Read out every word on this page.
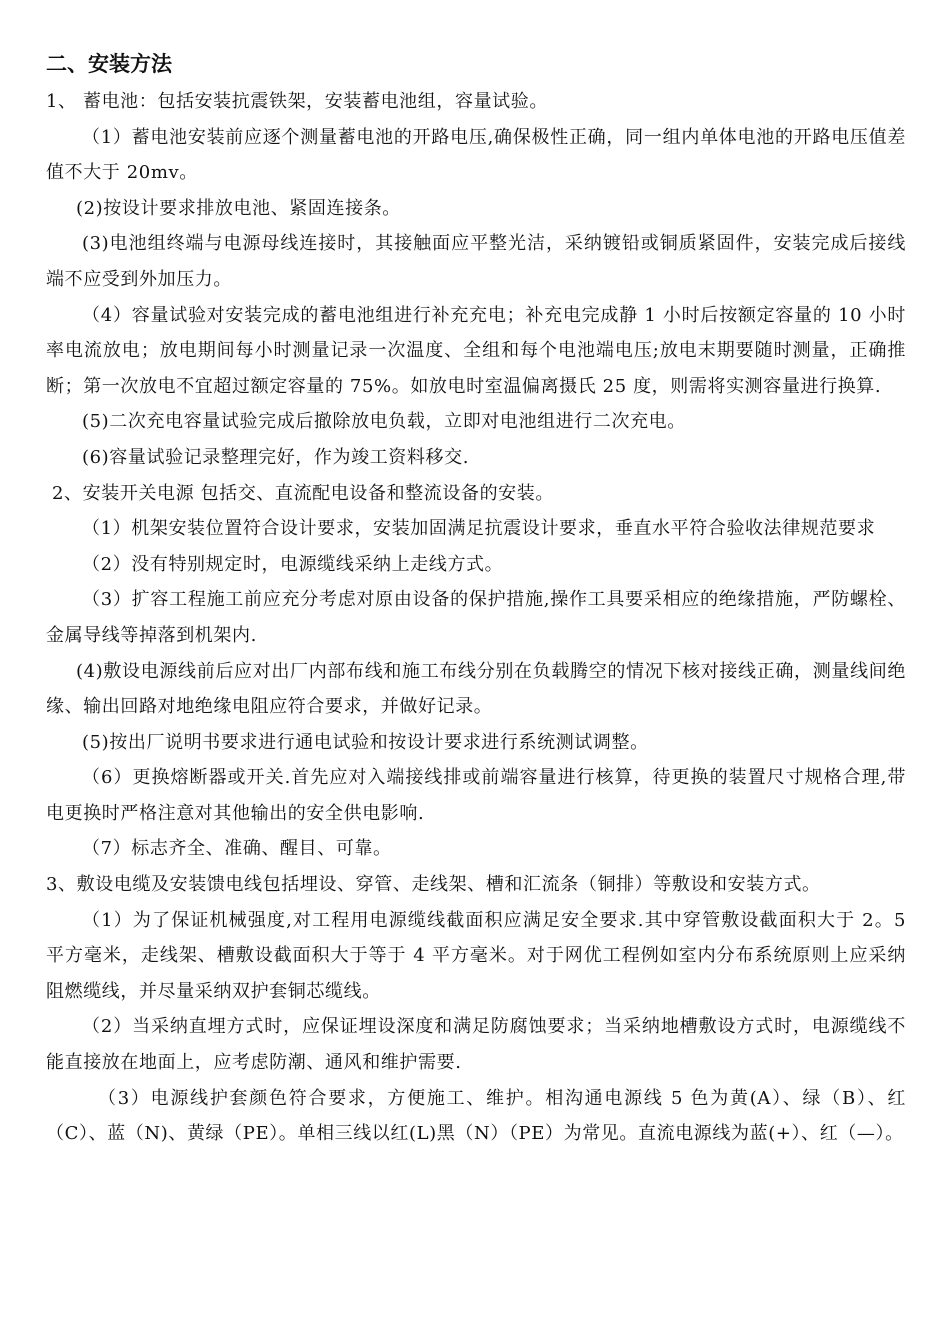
二、安装方法

1、 蓄电池：包括安装抗震铁架，安装蓄电池组，容量试验。

（1）蓄电池安装前应逐个测量蓄电池的开路电压,确保极性正确，同一组内单体电池的开路电压值差值不大于 20mv。

(2)按设计要求排放电池、紧固连接条。

(3)电池组终端与电源母线连接时，其接触面应平整光洁，采纳镀铅或铜质紧固件，安装完成后接线端不应受到外加压力。

（4）容量试验对安装完成的蓄电池组进行补充充电；补充电完成静 1 小时后按额定容量的 10 小时率电流放电；放电期间每小时测量记录一次温度、全组和每个电池端电压;放电末期要随时测量，正确推断；第一次放电不宜超过额定容量的 75%。如放电时室温偏离摄氏 25 度，则需将实测容量进行换算.

(5)二次充电容量试验完成后撤除放电负载，立即对电池组进行二次充电。

(6)容量试验记录整理完好，作为竣工资料移交.

2、安装开关电源 包括交、直流配电设备和整流设备的安装。

（1）机架安装位置符合设计要求，安装加固满足抗震设计要求，垂直水平符合验收法律规范要求

（2）没有特别规定时，电源缆线采纳上走线方式。

（3）扩容工程施工前应充分考虑对原由设备的保护措施,操作工具要采相应的绝缘措施，严防螺栓、金属导线等掉落到机架内.

(4)敷设电源线前后应对出厂内部布线和施工布线分别在负载腾空的情况下核对接线正确，测量线间绝缘、输出回路对地绝缘电阻应符合要求，并做好记录。

(5)按出厂说明书要求进行通电试验和按设计要求进行系统测试调整。

（6）更换熔断器或开关.首先应对入端接线排或前端容量进行核算，待更换的装置尺寸规格合理,带电更换时严格注意对其他输出的安全供电影响.

（7）标志齐全、准确、醒目、可靠。

3、敷设电缆及安装馈电线包括埋设、穿管、走线架、槽和汇流条（铜排）等敷设和安装方式。

（1）为了保证机械强度,对工程用电源缆线截面积应满足安全要求.其中穿管敷设截面积大于 2。5 平方毫米，走线架、槽敷设截面积大于等于 4 平方毫米。对于网优工程例如室内分布系统原则上应采纳阻燃缆线，并尽量采纳双护套铜芯缆线。

（2）当采纳直埋方式时，应保证埋设深度和满足防腐蚀要求；当采纳地槽敷设方式时，电源缆线不能直接放在地面上，应考虑防潮、通风和维护需要.

（3）电源线护套颜色符合要求，方便施工、维护。相沟通电源线 5 色为黄(A）、绿（B）、红（C）、蓝（N)、黄绿（PE）。单相三线以红(L)黑（N）（PE）为常见。直流电源线为蓝(+）、红（—）。
